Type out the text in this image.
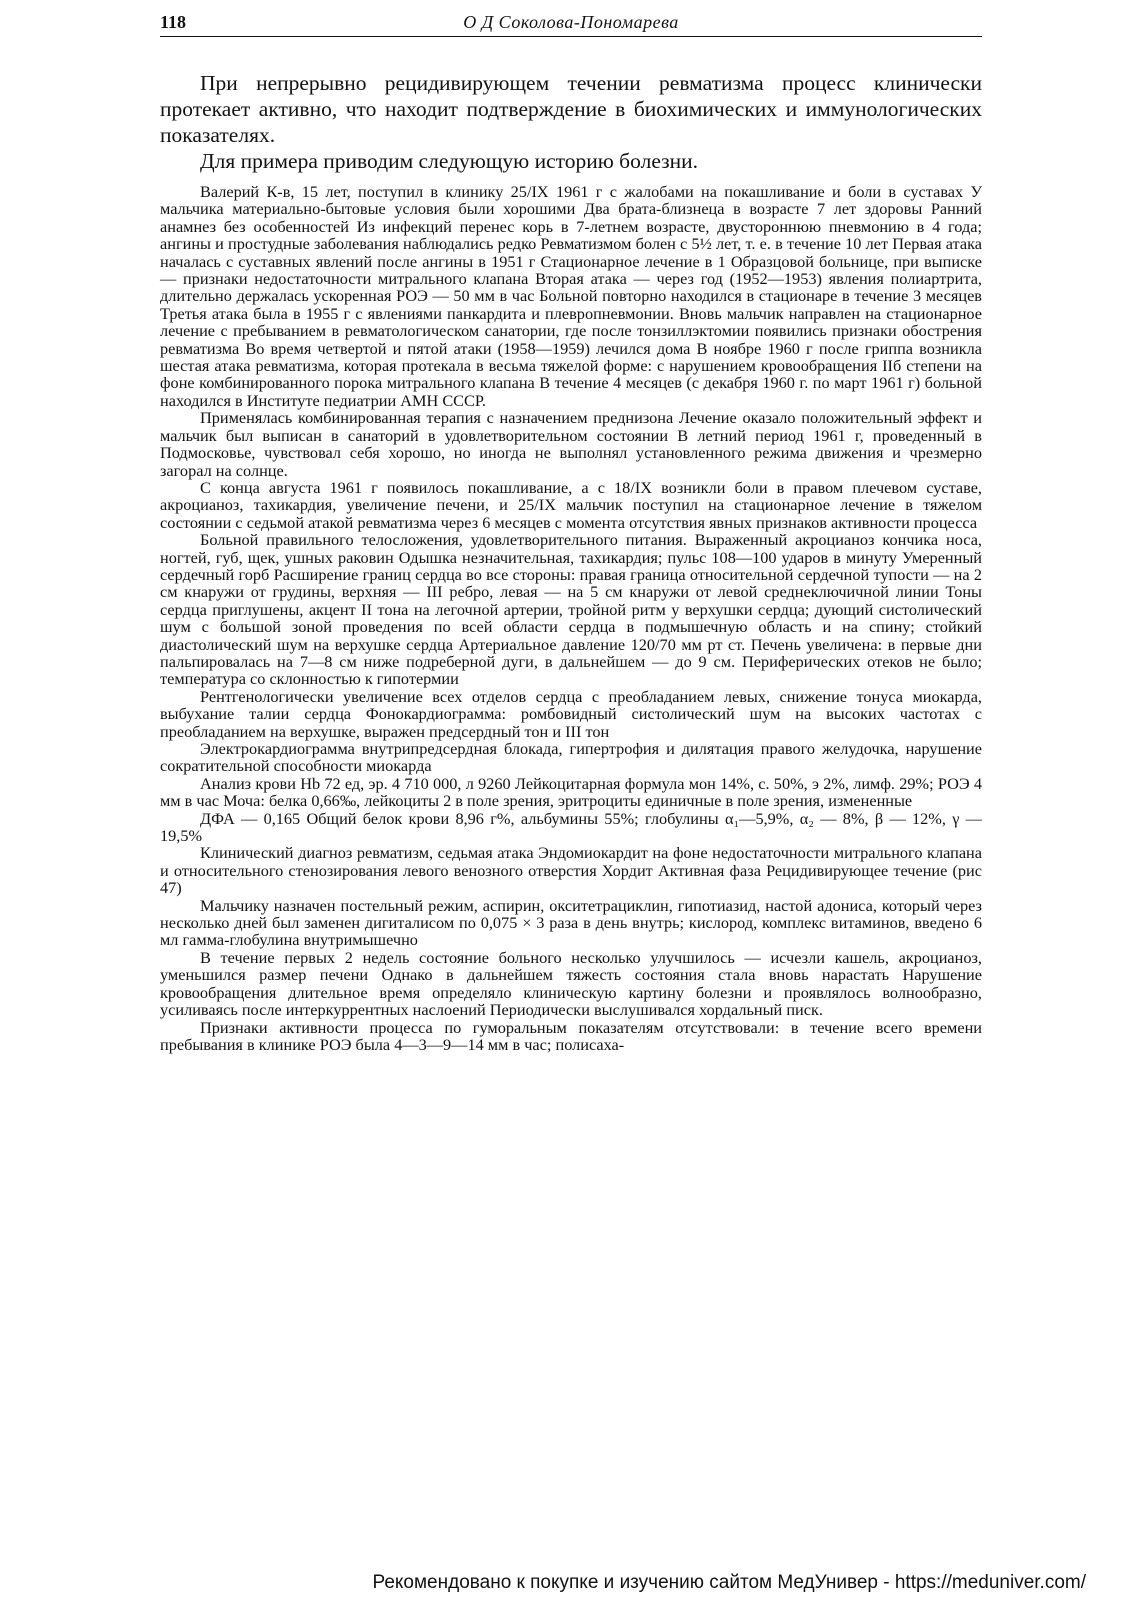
118	О Д Соколова-Пономарева

При непрерывно рецидивирующем течении ревматизма процесс клинически протекает активно, что находит подтверждение в биохимических и иммунологических показателях.

Для примера приводим следующую историю болезни.

Валерий К-в, 15 лет, поступил в клинику 25/IX 1961 г с жалобами на покашливание и боли в суставах У мальчика материально-бытовые условия были хорошими Два брата-близнеца в возрасте 7 лет здоровы Ранний анамнез без особенностей Из инфекций перенес корь в 7-летнем возрасте, двустороннюю пневмонию в 4 года; ангины и простудные заболевания наблюдались редко Ревматизмом болен с 5½ лет, т. е. в течение 10 лет Первая атака началась с суставных явлений после ангины в 1951 г Стационарное лечение в 1 Образцовой больнице, при выписке — признаки недостаточности митрального клапана Вторая атака — через год (1952—1953) явления полиартрита, длительно держалась ускоренная РОЭ — 50 мм в час Больной повторно находился в стационаре в течение 3 месяцев Третья атака была в 1955 г с явлениями панкардита и плевропневмонии. Вновь мальчик направлен на стационарное лечение с пребыванием в ревматологическом санатории, где после тонзиллэктомии появились признаки обострения ревматизма Во время четвертой и пятой атаки (1958—1959) лечился дома В ноябре 1960 г после гриппа возникла шестая атака ревматизма, которая протекала в весьма тяжелой форме: с нарушением кровообращения IIб степени на фоне комбинированного порока митрального клапана В течение 4 месяцев (с декабря 1960 г. по март 1961 г) больной находился в Институте педиатрии АМН СССР.

Применялась комбинированная терапия с назначением преднизона Лечение оказало положительный эффект и мальчик был выписан в санаторий в удовлетворительном состоянии В летний период 1961 г, проведенный в Подмосковье, чувствовал себя хорошо, но иногда не выполнял установленного режима движения и чрезмерно загорал на солнце.

С конца августа 1961 г появилось покашливание, а с 18/IX возникли боли в правом плечевом суставе, акроцианоз, тахикардия, увеличение печени, и 25/IX мальчик поступил на стационарное лечение в тяжелом состоянии с седьмой атакой ревматизма через 6 месяцев с момента отсутствия явных признаков активности процесса

Больной правильного телосложения, удовлетворительного питания. Выраженный акроцианоз кончика носа, ногтей, губ, щек, ушных раковин Одышка незначительная, тахикардия; пульс 108—100 ударов в минуту Умеренный сердечный горб Расширение границ сердца во все стороны: правая граница относительной сердечной тупости — на 2 см кнаружи от грудины, верхняя — III ребро, левая — на 5 см кнаружи от левой среднеключичной линии Тоны сердца приглушены, акцент II тона на легочной артерии, тройной ритм у верхушки сердца; дующий систолический шум с большой зоной проведения по всей области сердца в подмышечную область и на спину; стойкий диастолический шум на верхушке сердца Артериальное давление 120/70 мм рт ст. Печень увеличена: в первые дни пальпировалась на 7—8 см ниже подреберной дуги, в дальнейшем — до 9 см. Периферических отеков не было; температура со склонностью к гипотермии

Рентгенологически увеличение всех отделов сердца с преобладанием левых, снижение тонуса миокарда, выбухание талии сердца Фонокардиограмма: ромбовидный систолический шум на высоких частотах с преобладанием на верхушке, выражен предсердный тон и III тон

Электрокардиограмма внутрипредсердная блокада, гипертрофия и дилятация правого желудочка, нарушение сократительной способности миокарда

Анализ крови Hb 72 ед, эр. 4 710 000, л 9260 Лейкоцитарная формула мон 14%, с. 50%, э 2%, лимф. 29%; РОЭ 4 мм в час Моча: белка 0,66‰, лейкоциты 2 в поле зрения, эритроциты единичные в поле зрения, измененные

ДФА — 0,165 Общий белок крови 8,96 г%, альбумины 55%; глобулины α₁—5,9%, α₂ — 8%, β — 12%, γ — 19,5%

Клинический диагноз ревматизм, седьмая атака Эндомиокардит на фоне недостаточности митрального клапана и относительного стенозирования левого венозного отверстия Хордит Активная фаза Рецидивирующее течение (рис 47)

Мальчику назначен постельный режим, аспирин, окситетрациклин, гипотиазид, настой адониса, который через несколько дней был заменен дигиталисом по 0,075 × 3 раза в день внутрь; кислород, комплекс витаминов, введено 6 мл гамма-глобулина внутримышечно

В течение первых 2 недель состояние больного несколько улучшилось — исчезли кашель, акроцианоз, уменьшился размер печени Однако в дальнейшем тяжесть состояния стала вновь нарастать Нарушение кровообращения длительное время определяло клиническую картину болезни и проявлялось волнообразно, усиливаясь после интеркуррентных наслоений Периодически выслушивался хордальный писк.

Признаки активности процесса по гуморальным показателям отсутствовали: в течение всего времени пребывания в клинике РОЭ была 4—3—9—14 мм в час; полисаха-

Рекомендовано к покупке и изучению сайтом МедУнивер - https://meduniver.com/
